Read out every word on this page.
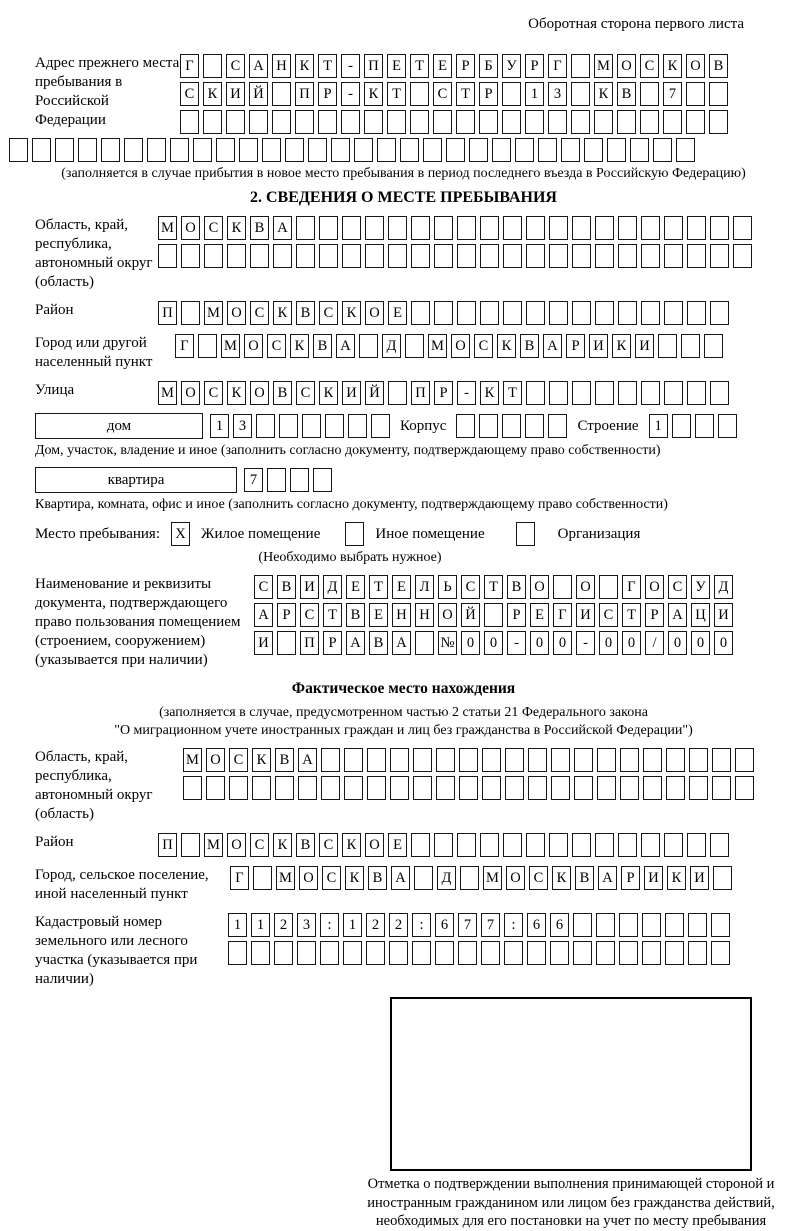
Оборотная сторона первого листа
Адрес прежнего места пребывания в Российской Федерации
Г	С А Н К Т	-	П Е Т Е	Р	Б У Р	Г	М О С К О В
С К И Й П Р	-	К Т	С Т	Р	1	3	К В	7
(заполняется в случае прибытия в новое место пребывания в период последнего въезда в Российскую Федерацию)
2. СВЕДЕНИЯ О МЕСТЕ ПРЕБЫВАНИЯ
Область, край, республика, автономный округ (область)
М О С К В А
Район	П М О С К В С К О Е
Город или другой населенный пункт
Г	М О С К В А	Д	М О С К В А Р И К И
Улица	М О С К О В С К И Й П Р	-	К Т
дом	1	3	Корпус	Строение	1
Дом, участок, владение и иное (заполнить согласно документу, подтверждающему право собственности)
квартира	7
Квартира, комната, офис и иное (заполнить согласно документу, подтверждающему право собственности)
Место пребывания: X Жилое помещение	Иное помещение	Организация
(Необходимо выбрать нужное)
Наименование и реквизиты документа, подтверждающего право пользования помещением (строением, сооружением) (указывается при наличии)
С В И Д Е Т Е Л Ь С Т В О О	Г О С У Д
А Р С Т В Е Н Н О Й	Р	Е Г И С Т	Р А Ц И
И П Р А В А № 0	0	-	0	0	-	0	0	/	0	0	0
Фактическое место нахождения
(заполняется в случае, предусмотренном частью 2 статьи 21 Федерального закона
"О миграционном учете иностранных граждан и лиц без гражданства в Российской Федерации")
Область, край, республика, автономный округ (область)
М О С К В А
Район	П М О С К В С К О Е
Город, сельское поселение, иной населенный пункт
Г	М О С К В А	Д	М О С К В А Р И К И
Кадастровый номер земельного или лесного участка (указывается при наличии)
1	1	2	3	:	1	2	2	:	6	7	7	:	6	6
Отметка о подтверждении выполнения принимающей стороной и иностранным гражданином или лицом без гражданства действий, необходимых для его постановки на учет по месту пребывания
